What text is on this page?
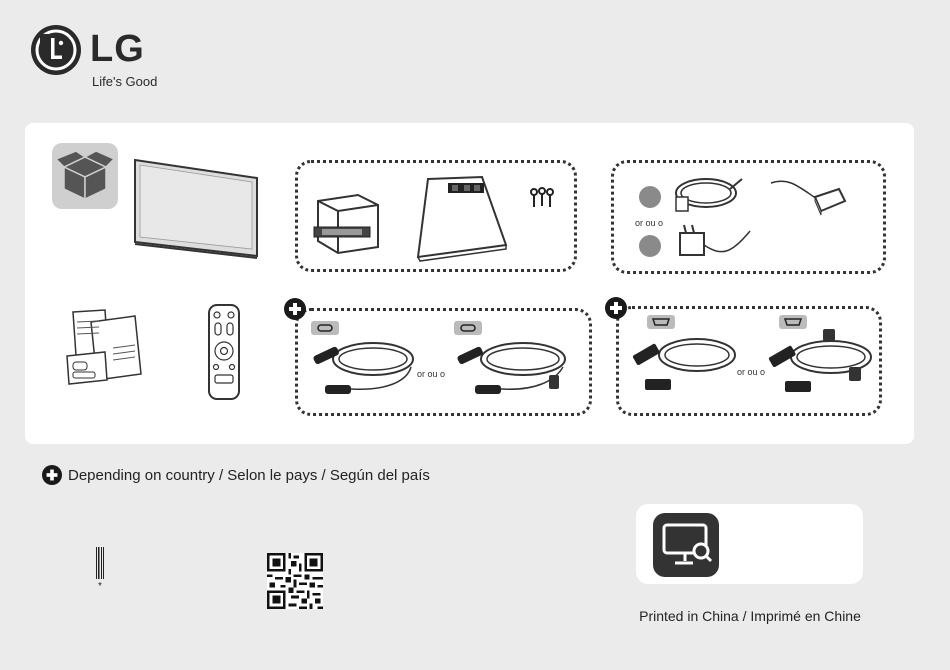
LG
Life's Good
or ou o
or ou o	or ou o
Depending on country / Selon le pays / Según del país
*
Printed in China / Imprimé en Chine
